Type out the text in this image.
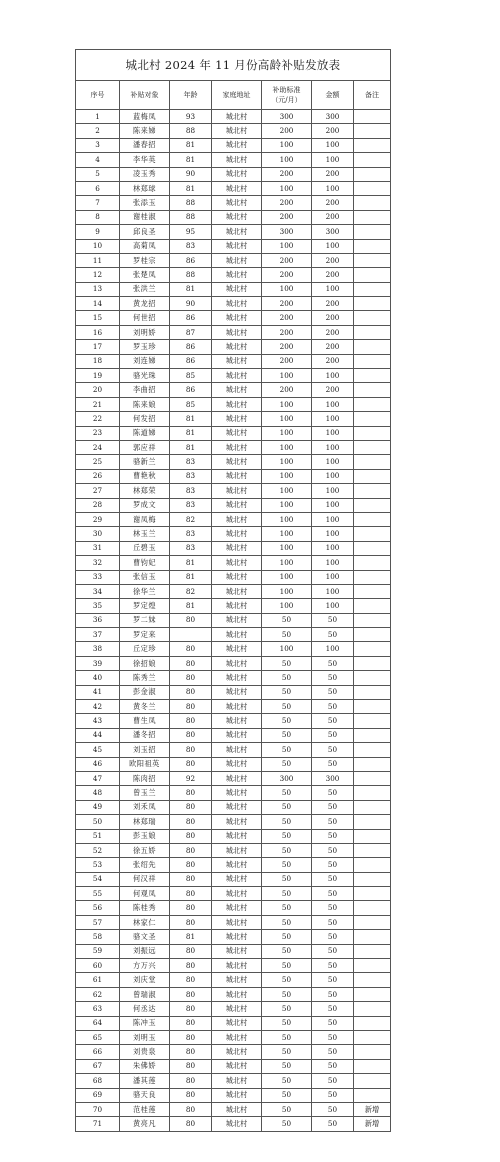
城北村 2024 年 11 月份高龄补贴发放表						
序号	补贴对象	年龄	家庭地址	补助标准（元/月）	金额	备注
1	蓝梅凤	93	城北村	300	300	
2	陈来娣	88	城北村	200	200	
3	潘春招	81	城北村	100	100	
4	李华英	81	城北村	100	100	
5	凌玉秀	90	城北村	200	200	
6	林郑球	81	城北村	100	100	
7	张添玉	88	城北村	200	200	
8	谢桂淑	88	城北村	200	200	
9	邱良圣	95	城北村	300	300	
10	高菊凤	83	城北村	100	100	
11	罗桂宗	86	城北村	200	200	
12	张楚凤	88	城北村	200	200	
13	张洪兰	81	城北村	100	100	
14	黄龙招	90	城北村	200	200	
15	何世招	86	城北村	200	200	
16	刘明娇	87	城北村	200	200	
17	罗玉珍	86	城北村	200	200	
18	刘连娣	86	城北村	200	200	
19	骆光珠	85	城北村	100	100	
20	李曲招	86	城北村	200	200	
21	陈来娘	85	城北村	100	100	
22	何发招	81	城北村	100	100	
23	陈道娣	81	城北村	100	100	
24	郭应祥	81	城北村	100	100	
25	骆新兰	83	城北村	100	100	
26	曹艳秋	83	城北村	100	100	
27	林郑荣	83	城北村	100	100	
28	罗成文	83	城北村	100	100	
29	谢凤梅	82	城北村	100	100	
30	林玉兰	83	城北村	100	100	
31	丘碧玉	83	城北村	100	100	
32	曹钧妃	81	城北村	100	100	
33	张信玉	81	城北村	100	100	
34	徐华兰	82	城北村	100	100	
35	罗定煌	81	城北村	100	100	
36	罗二妹	80	城北村	50	50	
37	罗定来		城北村	50	50	
38	丘定珍	80	城北村	100	100	
39	徐招娘	80	城北村	50	50	
40	陈秀兰	80	城北村	50	50	
41	彭金淑	80	城北村	50	50	
42	黄冬兰	80	城北村	50	50	
43	曹生凤	80	城北村	50	50	
44	潘冬招	80	城北村	50	50	
45	刘玉招	80	城北村	50	50	
46	欧阳祖英	80	城北村	50	50	
47	陈肉招	92	城北村	300	300	
48	曾玉兰	80	城北村	50	50	
49	刘禾凤	80	城北村	50	50	
50	林郑瑞	80	城北村	50	50	
51	彭玉娘	80	城北村	50	50	
52	徐五娇	80	城北村	50	50	
53	张绍先	80	城北村	50	50	
54	何汉祥	80	城北村	50	50	
55	何观凤	80	城北村	50	50	
56	陈桂秀	80	城北村	50	50	
57	林家仁	80	城北村	50	50	
58	骆文圣	81	城北村	50	50	
59	刘振远	80	城北村	50	50	
60	方万兴	80	城北村	50	50	
61	刘庆堂	80	城北村	50	50	
62	曾瑞淑	80	城北村	50	50	
63	何丞达	80	城北村	50	50	
64	陈冲玉	80	城北村	50	50	
65	刘明玉	80	城北村	50	50	
66	刘贵泉	80	城北村	50	50	
67	朱佛娇	80	城北村	50	50	
68	潘其莲	80	城北村	50	50	
69	骆天良	80	城北村	50	50	
70	范桂莲	80	城北村	50	50	新增
71	黄亮凡	80	城北村	50	50	新增
